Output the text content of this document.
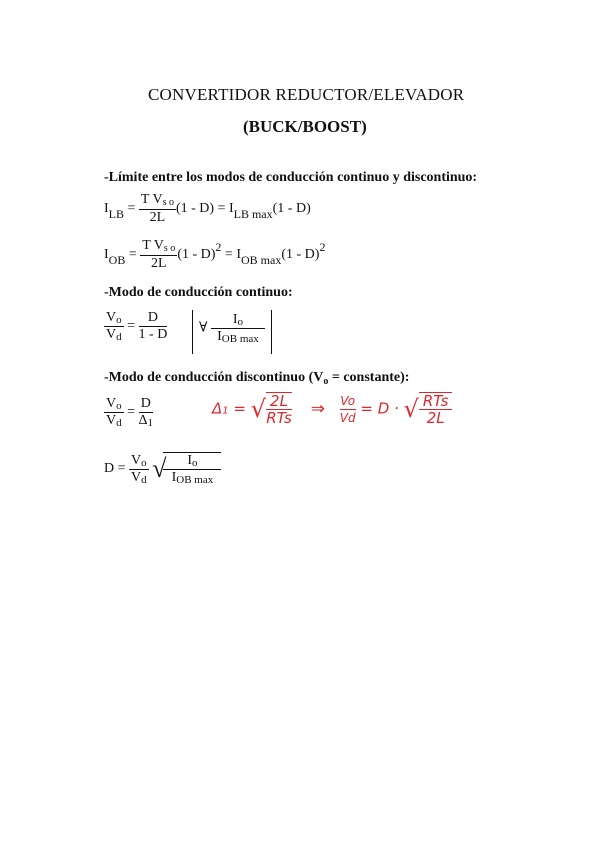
CONVERTIDOR REDUCTOR/ELEVADOR
(BUCK/BOOST)
-Límite entre los modos de conducción continuo y discontinuo:
ILB = $\frac{\text{T Vs o}}{2L} (1 - D)$ = ILB max(1 - D)
IOB = $\frac{\text{T Vs o}}{2L} (1 - D)2$ = IOB max(1 - D)2
-Modo de conducción continuo:
$\frac{Vo}{Vd} = \frac{D}{1 - D}$	∀ $\frac{Io}{\text{IOB max}}$
-Modo de conducción discontinuo ($V_o$ = constante):
$\frac{Vo}{Vd} = \frac{D}{\Delta 1}$
$D = \frac{Vo}{Vd}$ √
$\frac{Io}{\text{IOB max}}$
Δ1 = √ $\frac{2L}{\text{RTs}}$ ⇒ $\frac{Vo}{Vd} = D$ · √ $\frac{\text{RTs}}{2L}$
